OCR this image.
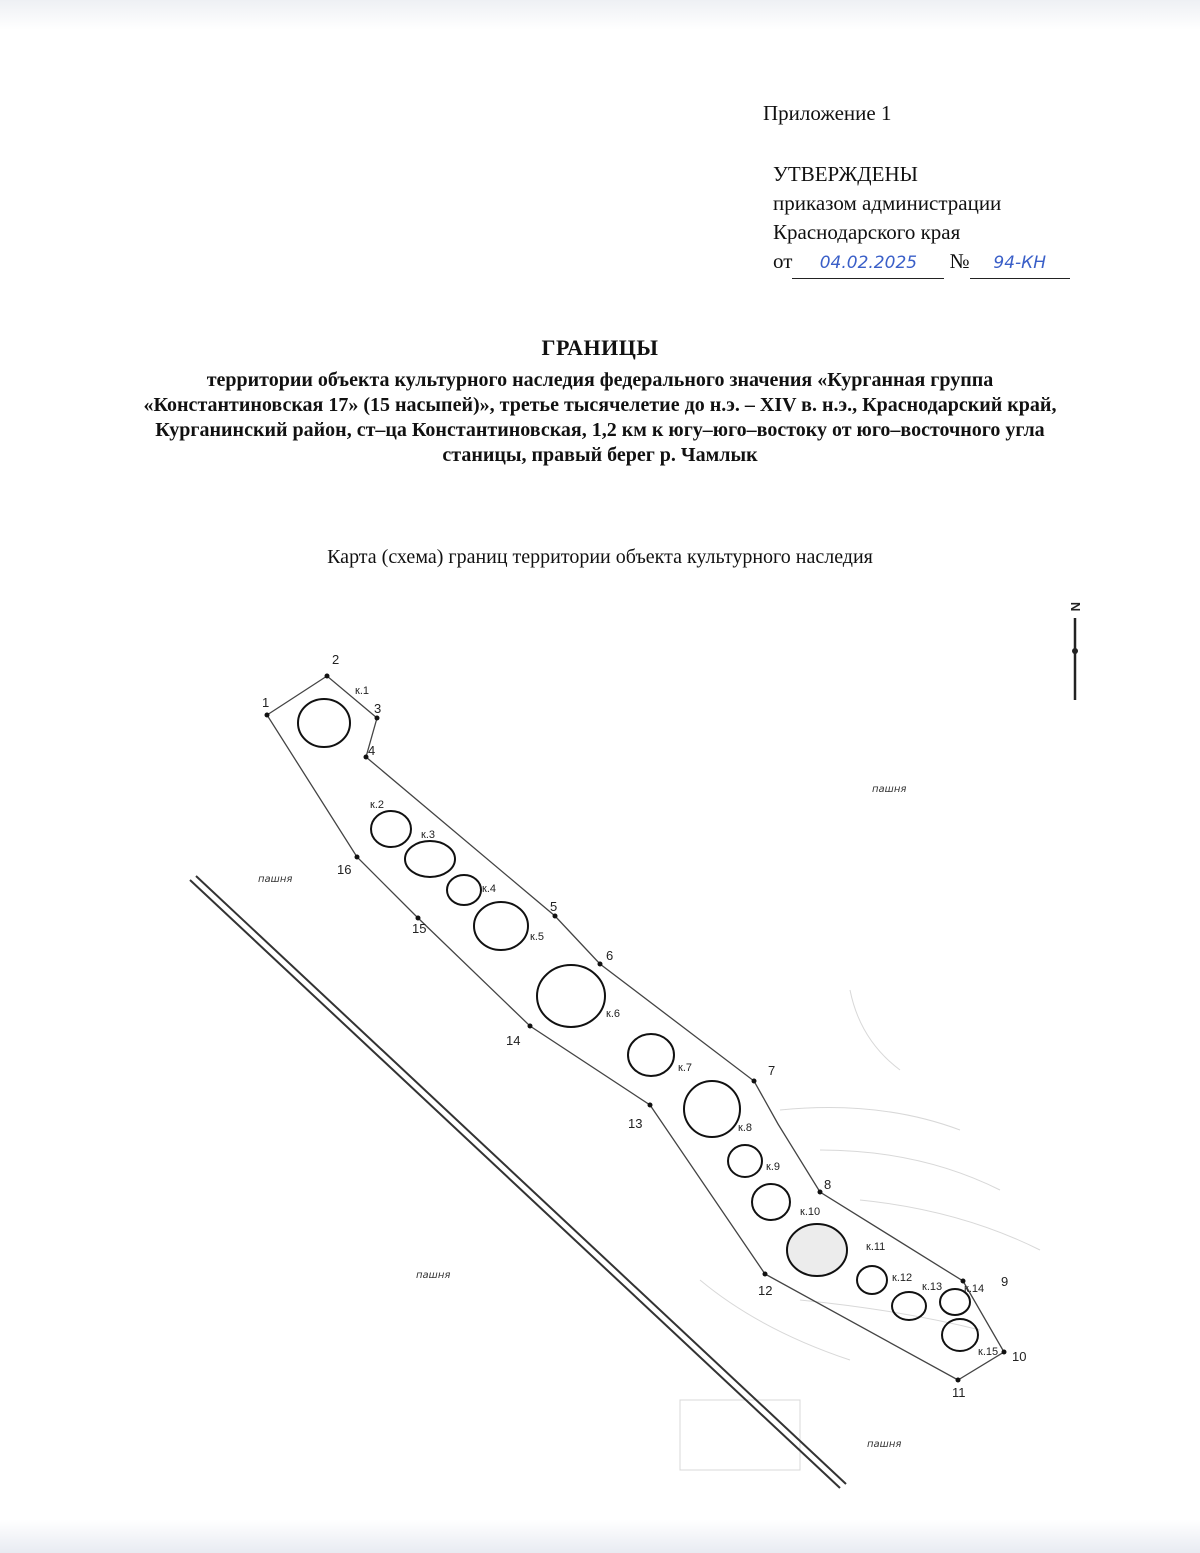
Приложение 1
УТВЕРЖДЕНЫ
приказом администрации
Краснодарского края
от 04.02.2025 № 94-КН
ГРАНИЦЫ
территории объекта культурного наследия федерального значения «Курганная группа «Константиновская 17» (15 насыпей)», третье тысячелетие до н.э. – XIV в. н.э., Краснодарский край, Курганинский район, ст–ца Константиновская, 1,2 км к югу–юго–востоку от юго–восточного угла станицы, правый берег р. Чамлык
Карта (схема) границ территории объекта культурного наследия
N
1
2
3
4
5
6
7
8
9
10
11
12
13
14
15
16
к.1
к.2
к.3
к.4
к.5
к.6
к.7
к.8
к.9
к.10
к.11
к.12
к.13 к.14
к.15
пашня
пашня
пашня
пашня
